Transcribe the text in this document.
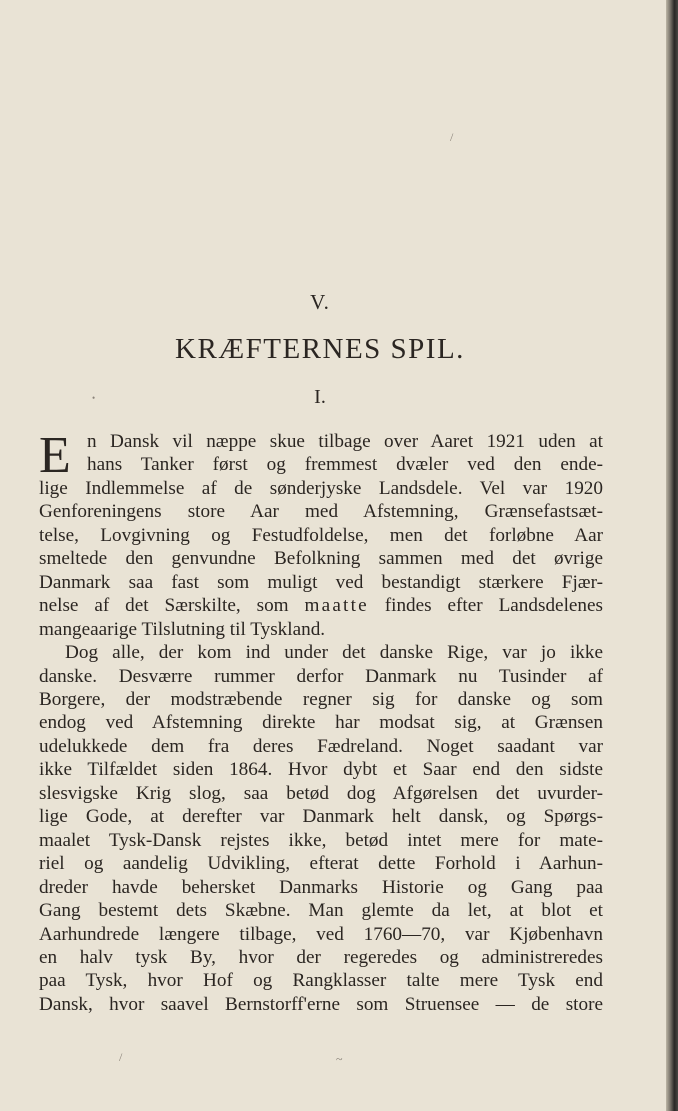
V.
KRÆFTERNES SPIL.
I.
E n Dansk vil næppe skue tilbage over Aaret 1921 uden at
hans Tanker først og fremmest dvæler ved den ende-
lige Indlemmelse af de sønderjyske Landsdele. Vel var 1920
Genforeningens store Aar med Afstemning, Grænsefastsæt-
telse, Lovgivning og Festudfoldelse, men det forløbne Aar
smeltede den genvundne Befolkning sammen med det øvrige
Danmark saa fast som muligt ved bestandigt stærkere Fjær-
nelse af det Særskilte, som maatte findes efter Landsdelenes
mangeaarige Tilslutning til Tyskland.
Dog alle, der kom ind under det danske Rige, var jo ikke
danske. Desværre rummer derfor Danmark nu Tusinder af
Borgere, der modstræbende regner sig for danske og som
endog ved Afstemning direkte har modsat sig, at Grænsen
udelukkede dem fra deres Fædreland. Noget saadant var
ikke Tilfældet siden 1864. Hvor dybt et Saar end den sidste
slesvigske Krig slog, saa betød dog Afgørelsen det uvurder-
lige Gode, at derefter var Danmark helt dansk, og Spørgs-
maalet Tysk-Dansk rejstes ikke, betød intet mere for mate-
riel og aandelig Udvikling, efterat dette Forhold i Aarhun-
dreder havde behersket Danmarks Historie og Gang paa
Gang bestemt dets Skæbne. Man glemte da let, at blot et
Aarhundrede længere tilbage, ved 1760—70, var Kjøbenhavn
en halv tysk By, hvor der regeredes og administreredes
paa Tysk, hvor Hof og Rangklasser talte mere Tysk end
Dansk, hvor saavel Bernstorff'erne som Struensee — de store
/
•
~
/
